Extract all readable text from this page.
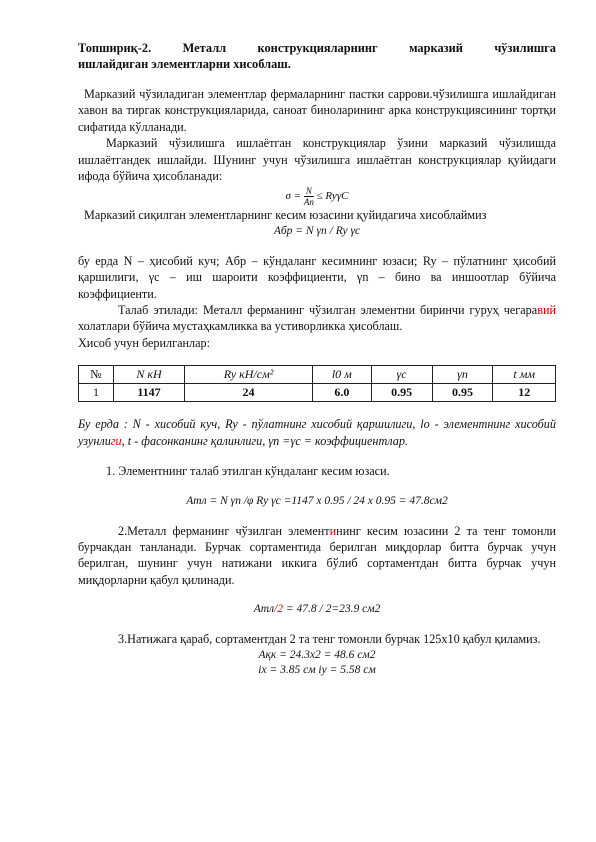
Топшириқ-2. Металл конструкцияларнинг марказий чўзилишга

ишлайдиган элементларни хисоблаш.

Марказий чўзиладиган элементлар фермаларнинг пастки саррови.чўзилишга ишлайдиган хавон ва тиргак конструкцияларида, саноат биноларининг арка конструкциясининг тортқи сифатида кўлланади.

Марказий чўзилишга ишлаётган конструкциялар ўзини марказий чўзилишда ишлаётгандек ишлайди. Шунинг учун чўзилишга ишлаётган конструкциялар қуйидаги ифода бўйича ҳисобланади:

$\sigma = \frac{N}{An} \le Ry\gamma C$

Марказий сиқилган элементларнинг кесим юзасини қуйидагича хисоблаймиз

Aбр = N γn / Ry γc

бу ерда N – ҳисобий куч; Aбр – кўндаланг кесимнинг юзаси; Ry – пўлатнинг ҳисобий қаршилиги, γc – иш шароити коэффициенти, γn – бино ва иншоотлар бўйича коэффициенти.

Талаб этилади: Металл ферманинг чўзилган элементни биринчи гуруҳ чегаравий холатлари бўйича мустаҳкамликка ва устиворликка ҳисоблаш.

Хисоб учун берилганлар:

№	N кН	Ry кН/см²	l0 м	γc	γn	t мм
1	1147	24	6.0	0.95	0.95	12

Бу ерда : N - хисобий куч, Ry - пўлатнинг хисобий қаршилиги, lo - элементнинг хисобий узунлиги, t - фасонканинг қалинлиги, γn =γc = коэффициентлар.

1. Элементнинг талаб этилган кўндаланг кесим юзаси.

Aтл = N γn /φ Ry γc =1147 x 0.95 / 24 x 0.95 = 47.8см2

2.Металл ферманинг чўзилган элементининг кесим юзасини 2 та тенг томонли бурчакдан танланади. Бурчак сортаментида берилган миқдорлар битта бурчак учун берилган, шунинг учун натижани иккига бўлиб сортаментдан битта бурчак учун миқдорларни қабул қилинади.

Aтл/2 = 47.8 / 2=23.9 см2

3.Натижага қараб, сортаментдан 2 та тенг томонли бурчак 125x10 қабул қиламиз.

Aқк = 24.3x2 = 48.6 см2

ix = 3.85 см iy = 5.58 см
